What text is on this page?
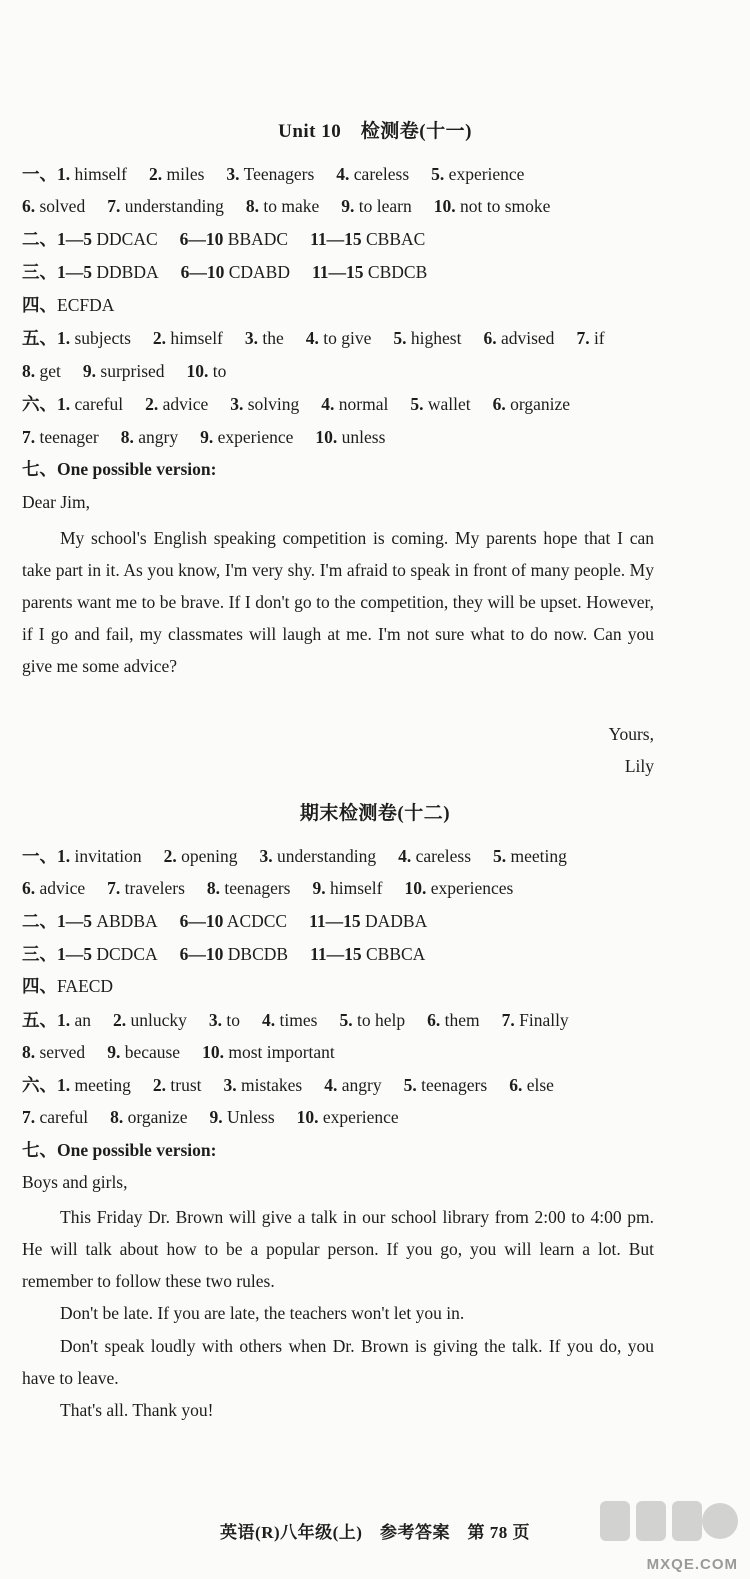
Unit 10　检测卷(十一)
一、1. himself 2. miles 3. Teenagers 4. careless 5. experience
6. solved 7. understanding 8. to make 9. to learn 10. not to smoke
二、1—5 DDCAC 6—10 BBADC 11—15 CBBAC
三、1—5 DDBDA 6—10 CDABD 11—15 CBDCB
四、ECFDA
五、1. subjects 2. himself 3. the 4. to give 5. highest 6. advised 7. if
8. get 9. surprised 10. to
六、1. careful 2. advice 3. solving 4. normal 5. wallet 6. organize
7. teenager 8. angry 9. experience 10. unless
七、One possible version:
Dear Jim,
My school's English speaking competition is coming. My parents hope that I can take part in it. As you know, I'm very shy. I'm afraid to speak in front of many people. My parents want me to be brave. If I don't go to the competition, they will be upset. However, if I go and fail, my classmates will laugh at me. I'm not sure what to do now. Can you give me some advice?
Yours,
Lily
期末检测卷(十二)
一、1. invitation 2. opening 3. understanding 4. careless 5. meeting
6. advice 7. travelers 8. teenagers 9. himself 10. experiences
二、1—5 ABDBA 6—10 ACDCC 11—15 DADBA
三、1—5 DCDCA 6—10 DBCDB 11—15 CBBCA
四、FAECD
五、1. an 2. unlucky 3. to 4. times 5. to help 6. them 7. Finally
8. served 9. because 10. most important
六、1. meeting 2. trust 3. mistakes 4. angry 5. teenagers 6. else
7. careful 8. organize 9. Unless 10. experience
七、One possible version:
Boys and girls,
This Friday Dr. Brown will give a talk in our school library from 2:00 to 4:00 pm. He will talk about how to be a popular person. If you go, you will learn a lot. But remember to follow these two rules.
Don't be late. If you are late, the teachers won't let you in.
Don't speak loudly with others when Dr. Brown is giving the talk. If you do, you have to leave.
That's all. Thank you!
英语(R)八年级(上)　参考答案　第 78 页
MXQE.COM
